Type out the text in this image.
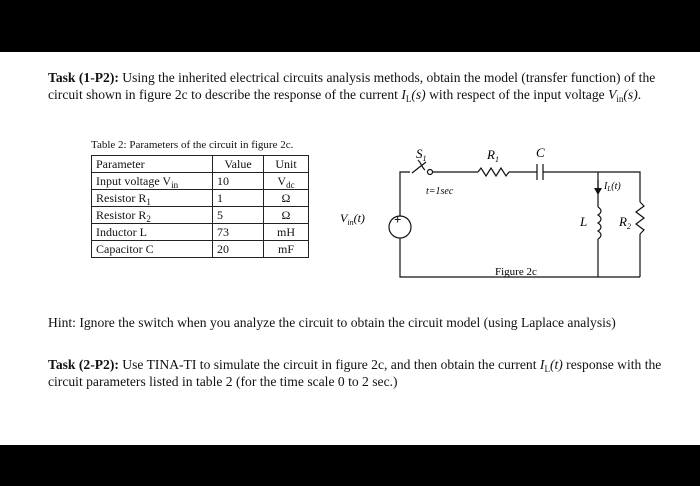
Task (1-P2): Using the inherited electrical circuits analysis methods, obtain the model (transfer function) of the circuit shown in figure 2c to describe the response of the current $I_L(s)$ with respect of the input voltage $V_{in}(s)$.

Table 2: Parameters of the circuit in figure 2c.
Parameter	Value	Unit
Input voltage $V_{in}$	10	$V_{dc}$
Resistor $R_1$	1	Ω
Resistor $R_2$	5	Ω
Inductor L	73	mH
Capacitor C	20	mF
$S_1$
t=1sec
$R_1$	C
$V_{in}(t)$ +
$I_L(t)$
L $R_2$
Figure 2c

Hint: Ignore the switch when you analyze the circuit to obtain the circuit model (using Laplace analysis)

Task (2-P2): Use TINA-TI to simulate the circuit in figure 2c, and then obtain the current $I_L(t)$ response with the circuit parameters listed in table 2 (for the time scale 0 to 2 sec.)
